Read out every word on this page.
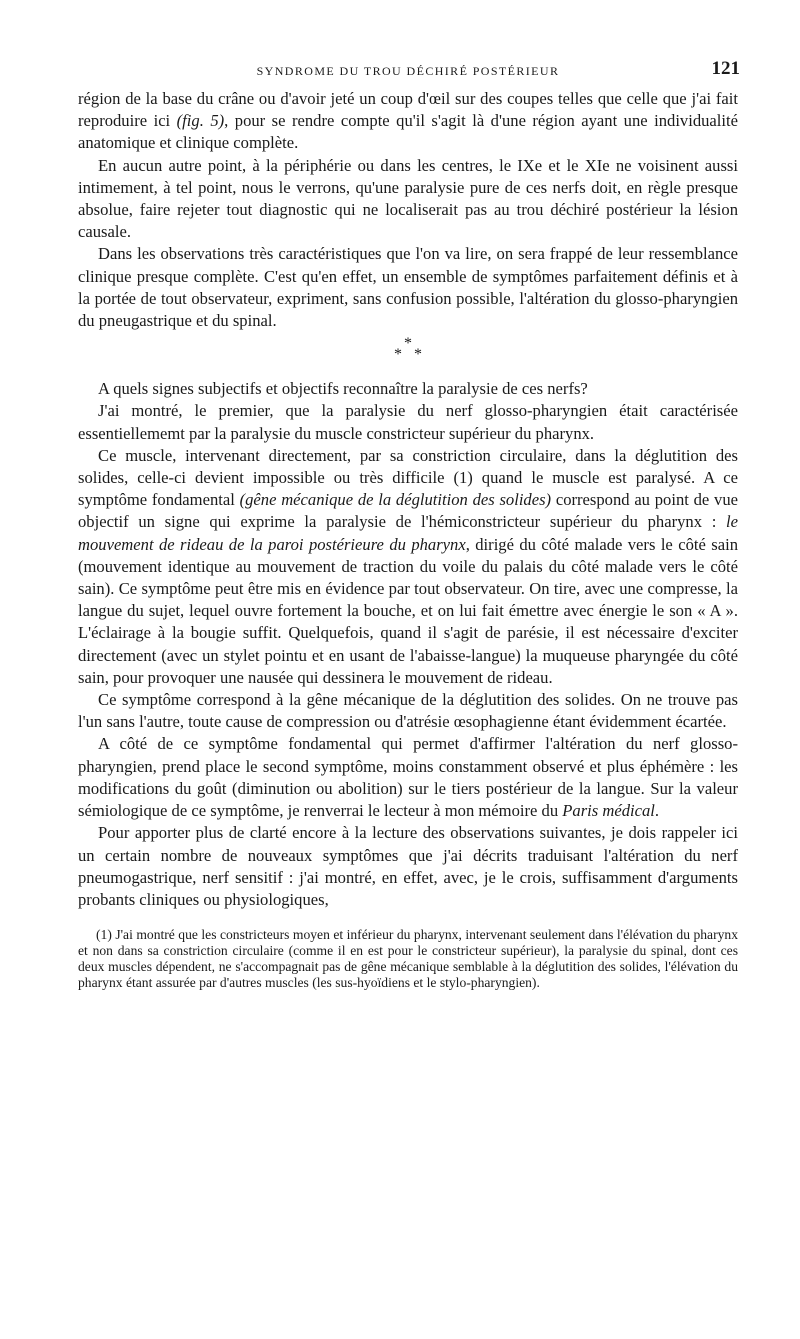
SYNDROME DU TROU DÉCHIRÉ POSTÉRIEUR	121

région de la base du crâne ou d'avoir jeté un coup d'œil sur des coupes telles que celle que j'ai fait reproduire ici (fig. 5), pour se rendre compte qu'il s'agit là d'une région ayant une individualité anatomique et clinique complète.

En aucun autre point, à la périphérie ou dans les centres, le IXe et le XIe ne voisinent aussi intimement, à tel point, nous le verrons, qu'une paralysie pure de ces nerfs doit, en règle presque absolue, faire rejeter tout diagnostic qui ne localiserait pas au trou déchiré postérieur la lésion causale.

Dans les observations très caractéristiques que l'on va lire, on sera frappé de leur ressemblance clinique presque complète. C'est qu'en effet, un ensemble de symptômes parfaitement définis et à la portée de tout observateur, expriment, sans confusion possible, l'altération du glosso-pharyngien du pneugastrique et du spinal.

*
* *

A quels signes subjectifs et objectifs reconnaître la paralysie de ces nerfs?

J'ai montré, le premier, que la paralysie du nerf glosso-pharyngien était caractérisée essentiellememt par la paralysie du muscle constricteur supérieur du pharynx.

Ce muscle, intervenant directement, par sa constriction circulaire, dans la déglutition des solides, celle-ci devient impossible ou très difficile (1) quand le muscle est paralysé. A ce symptôme fondamental (gêne mécanique de la déglutition des solides) correspond au point de vue objectif un signe qui exprime la paralysie de l'hémiconstricteur supérieur du pharynx : le mouvement de rideau de la paroi postérieure du pharynx, dirigé du côté malade vers le côté sain (mouvement identique au mouvement de traction du voile du palais du côté malade vers le côté sain). Ce symptôme peut être mis en évidence par tout observateur. On tire, avec une compresse, la langue du sujet, lequel ouvre fortement la bouche, et on lui fait émettre avec énergie le son « A ». L'éclairage à la bougie suffit. Quelquefois, quand il s'agit de parésie, il est nécessaire d'exciter directement (avec un stylet pointu et en usant de l'abaisse-langue) la muqueuse pharyngée du côté sain, pour provoquer une nausée qui dessinera le mouvement de rideau.

Ce symptôme correspond à la gêne mécanique de la déglutition des solides. On ne trouve pas l'un sans l'autre, toute cause de compression ou d'atrésie œsophagienne étant évidemment écartée.

A côté de ce symptôme fondamental qui permet d'affirmer l'altération du nerf glosso-pharyngien, prend place le second symptôme, moins constamment observé et plus éphémère : les modifications du goût (diminution ou abolition) sur le tiers postérieur de la langue. Sur la valeur sémiologique de ce symptôme, je renverrai le lecteur à mon mémoire du Paris médical.

Pour apporter plus de clarté encore à la lecture des observations suivantes, je dois rappeler ici un certain nombre de nouveaux symptômes que j'ai décrits traduisant l'altération du nerf pneumogastrique, nerf sensitif : j'ai montré, en effet, avec, je le crois, suffisamment d'arguments probants cliniques ou physiologiques,

(1) J'ai montré que les constricteurs moyen et inférieur du pharynx, intervenant seulement dans l'élévation du pharynx et non dans sa constriction circulaire (comme il en est pour le constricteur supérieur), la paralysie du spinal, dont ces deux muscles dépendent, ne s'accompagnait pas de gêne mécanique semblable à la déglutition des solides, l'élévation du pharynx étant assurée par d'autres muscles (les sus-hyoïdiens et le stylo-pharyngien).
